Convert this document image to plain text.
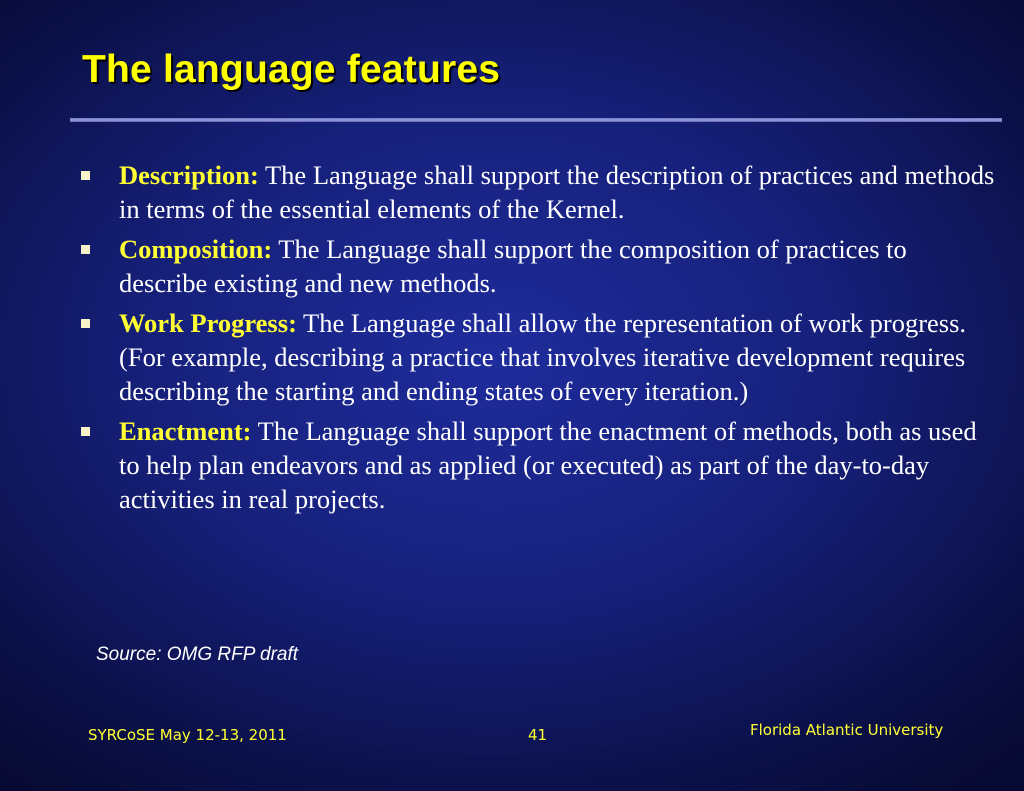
The language features
Description: The Language shall support the description of practices and methods in terms of the essential elements of the Kernel.
Composition: The Language shall support the composition of practices to describe existing and new methods.
Work Progress: The Language shall allow the representation of work progress. (For example, describing a practice that involves iterative development requires describing the starting and ending states of every iteration.)
Enactment: The Language shall support the enactment of methods, both as used to help plan endeavors and as applied (or executed) as part of the day-to-day activities in real projects.
Source: OMG RFP draft
SYRCoSE May 12-13, 2011	41	Florida Atlantic University
